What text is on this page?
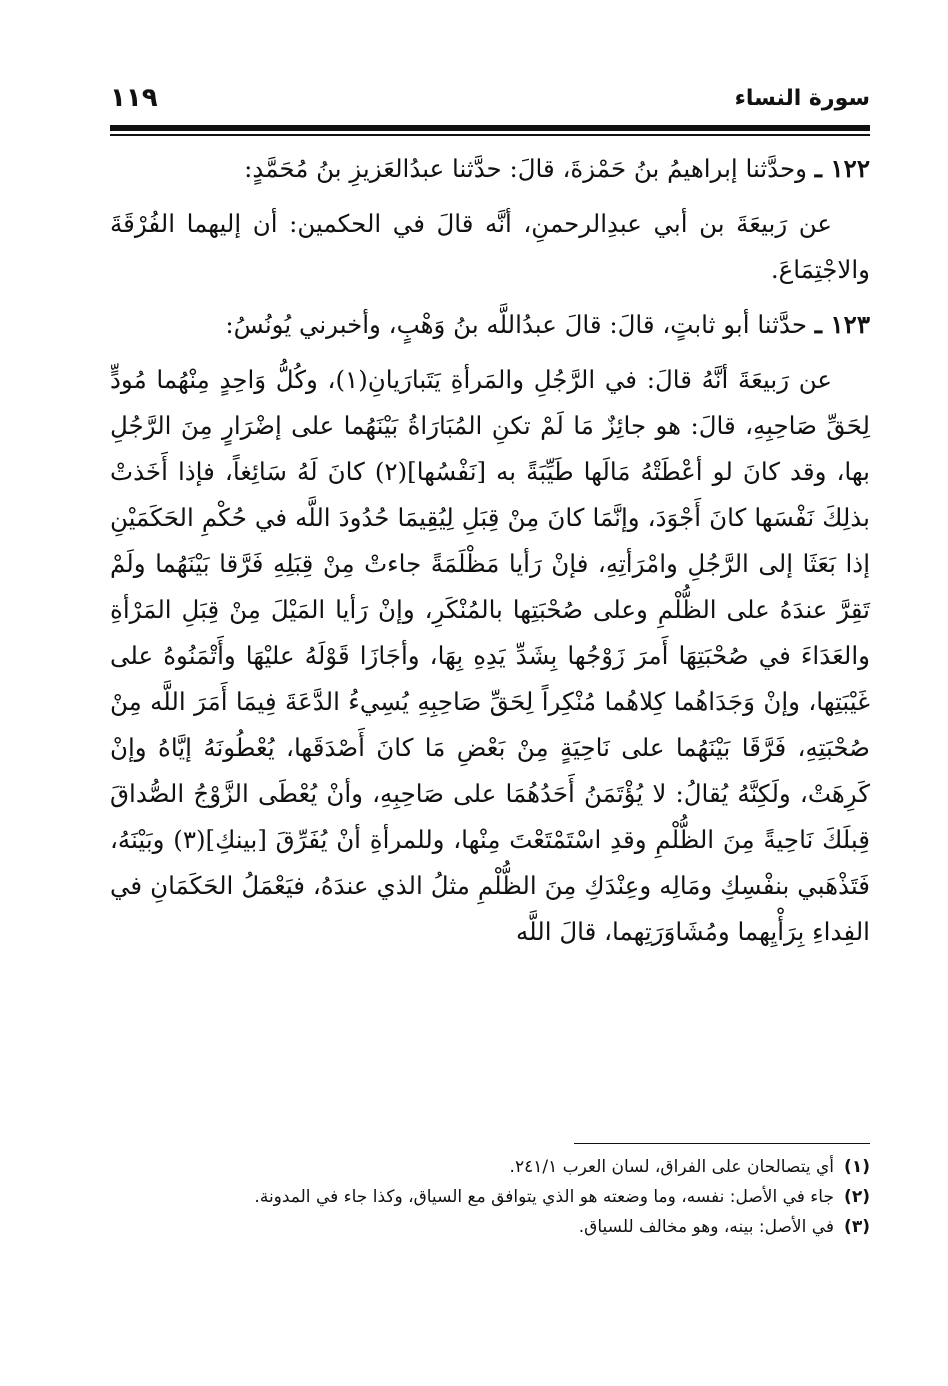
سورة النساء
١١٩

١٢٢ ـ وحدَّثنا إبراهيمُ بنُ حَمْزةَ، قالَ: حدَّثنا عبدُالعَزيزِ بنُ مُحَمَّدٍ:

عن رَبيعَةَ بن أبي عبدِالرحمنِ، أنَّه قالَ في الحكمين: أن إليهما الفُرْقَةَ والاجْتِمَاعَ.

١٢٣ ـ حدَّثنا أبو ثابتٍ، قالَ: قالَ عبدُاللَّه بنُ وَهْبٍ، وأخبرني يُونُسُ:

عن رَبيعَةَ أنَّهُ قالَ: في الرَّجُلِ والمَرأةِ يَتَبارَيانِ(١)، وكُلُّ وَاحِدٍ مِنْهُما مُودٍّ لِحَقِّ صَاحِبِهِ، قالَ: هو جائِزٌ مَا لَمْ تكنِ المُبَارَاةُ بَيْنَهُما على إضْرَارٍ مِنَ الرَّجُلِ بها، وقد كانَ لو أعْطَتْهُ مَالَها طَيِّبَةً به [نَفْسُها](٢) كانَ لَهُ سَائِغاً، فإذا أَخَذتْ بذلِكَ نَفْسَها كانَ أَجْوَدَ، وإنَّمَا كانَ مِنْ قِبَلِ لِيُقِيمَا حُدُودَ اللَّه في حُكْمِ الحَكَمَيْنِ إذا بَعَثَا إلى الرَّجُلِ وامْرَأتِهِ، فإنْ رَأيا مَظْلَمَةً جاءتْ مِنْ قِبَلِهِ فَرَّقا بَيْنَهُما ولَمْ تَقِرَّ عندَهُ على الظُّلْمِ وعلى صُحْبَتِها بالمُنْكَرِ، وإنْ رَأيا المَيْلَ مِنْ قِبَلِ المَرْأةِ والعَدَاءَ في صُحْبَتِهَا أَمرَ زَوْجُها بِشَدِّ يَدِهِ بِهَا، وأجَازَا قَوْلَهُ عليْهَا وأَتْمَنُوهُ على غَيْبَتِها، وإنْ وَجَدَاهُما كِلاهُما مُنْكِراً لِحَقِّ صَاحِبِهِ يُسِيءُ الدَّعَةَ فِيمَا أَمَرَ اللَّه مِنْ صُحْبَتِهِ، فَرَّقَا بَيْنَهُما على نَاحِيَةٍ مِنْ بَعْضِ مَا كانَ أَصْدَقَها، يُعْطُونَهُ إيَّاهُ وإنْ كَرِهَتْ، ولَكِنَّهُ يُقالُ: لا يُؤْتَمَنُ أَحَدُهُمَا على صَاحِبِهِ، وأنْ يُعْطَى الزَّوْجُ الصُّداقَ قِبلَكَ نَاحِيةً مِنَ الظُّلْمِ وقدِ اسْتَمْتَعْتَ مِنْها، وللمرأةِ أنْ يُفَرِّقَ [بينكِ](٣) وبَيْنَهُ، فَتَذْهَبي بنفْسِكِ ومَالِه وعِنْدَكِ مِنَ الظُّلْمِ مثلُ الذي عندَهُ، فيَعْمَلُ الحَكَمَانِ في الفِداءِ بِرَأْيِهما ومُشَاوَرَتِهما، قالَ اللَّه

(١)
أي يتصالحان على الفراق، لسان العرب ٢٤١/١.
(٢)
جاء في الأصل: نفسه، وما وضعته هو الذي يتوافق مع السياق، وكذا جاء في المدونة.
(٣)
في الأصل: بينه، وهو مخالف للسياق.
